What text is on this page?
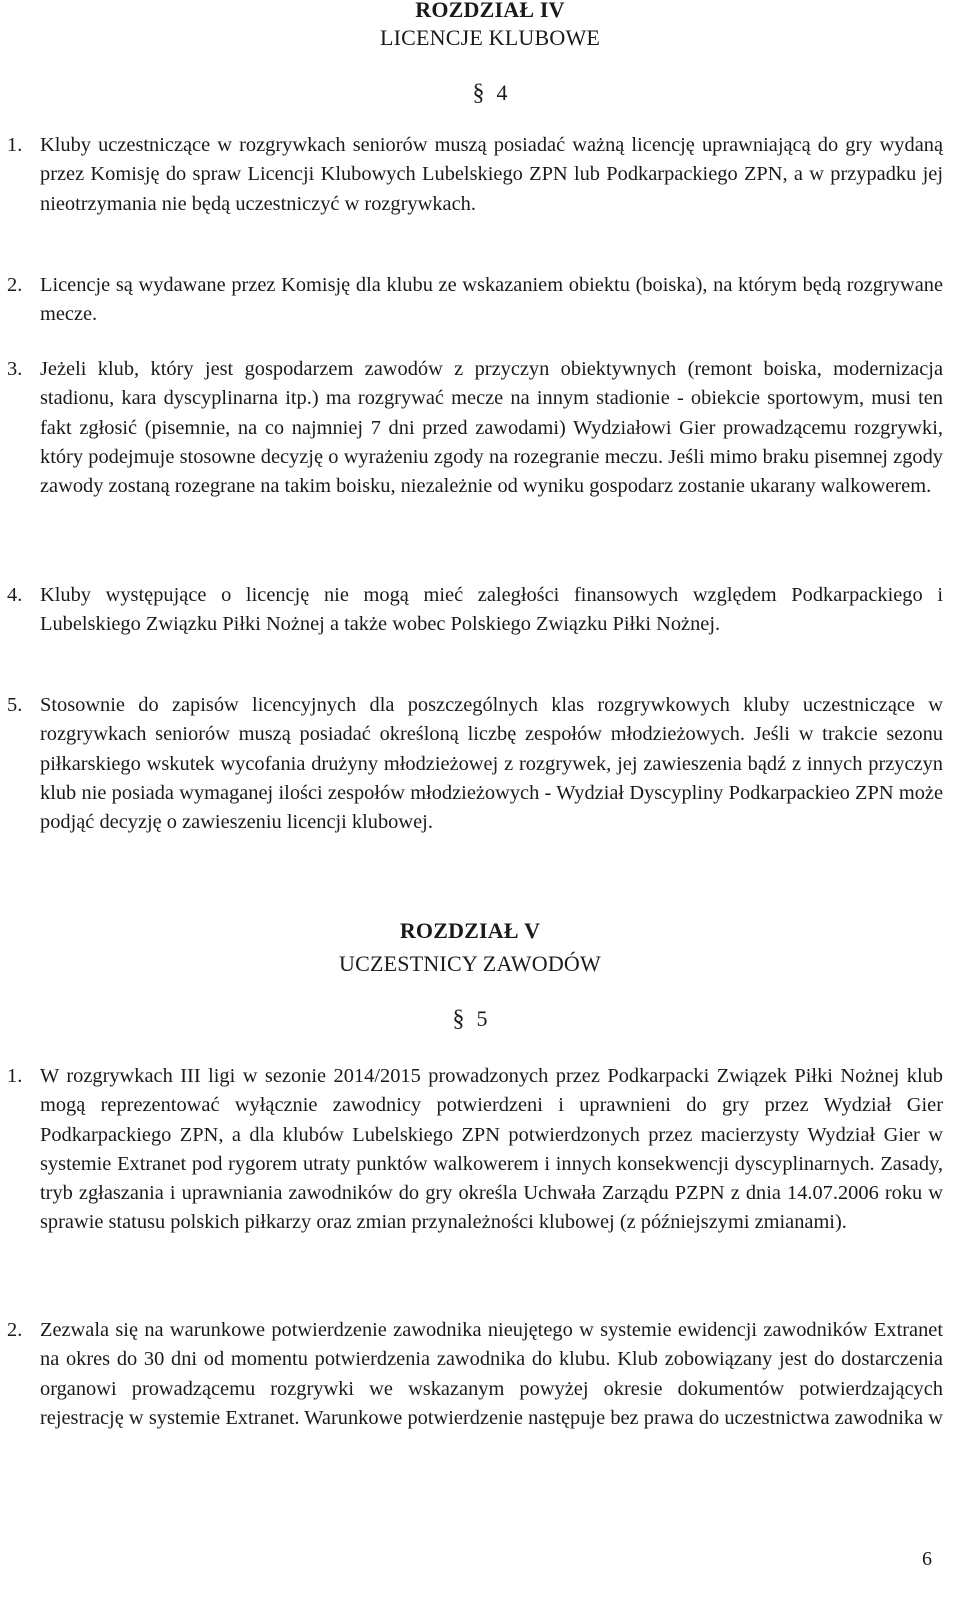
ROZDZIAŁ IV
LICENCJE KLUBOWE
§ 4
1. Kluby uczestniczące w rozgrywkach seniorów muszą posiadać ważną licencję uprawniającą do gry wydaną przez Komisję do spraw Licencji Klubowych Lubelskiego ZPN lub Podkarpackiego ZPN, a w przypadku jej nieotrzymania nie będą uczestniczyć w rozgrywkach.
2. Licencje są wydawane przez Komisję dla klubu ze wskazaniem obiektu (boiska), na którym będą rozgrywane mecze.
3. Jeżeli klub, który jest gospodarzem zawodów z przyczyn obiektywnych (remont boiska, modernizacja stadionu, kara dyscyplinarna itp.) ma rozgrywać mecze na innym stadionie - obiekcie sportowym, musi ten fakt zgłosić (pisemnie, na co najmniej 7 dni przed zawodami) Wydziałowi Gier prowadzącemu rozgrywki, który podejmuje stosowne decyzję o wyrażeniu zgody na rozegranie meczu. Jeśli mimo braku pisemnej zgody zawody zostaną rozegrane na takim boisku, niezależnie od wyniku gospodarz zostanie ukarany walkowerem.
4. Kluby występujące o licencję nie mogą mieć zaległości finansowych względem Podkarpackiego i Lubelskiego Związku Piłki Nożnej a także wobec Polskiego Związku Piłki Nożnej.
5. Stosownie do zapisów licencyjnych dla poszczególnych klas rozgrywkowych kluby uczestniczące w rozgrywkach seniorów muszą posiadać określoną liczbę zespołów młodzieżowych. Jeśli w trakcie sezonu piłkarskiego wskutek wycofania drużyny młodzieżowej z rozgrywek, jej zawieszenia bądź z innych przyczyn klub nie posiada wymaganej ilości zespołów młodzieżowych - Wydział Dyscypliny Podkarpackieo ZPN może podjąć decyzję o zawieszeniu licencji klubowej.
ROZDZIAŁ V
UCZESTNICY ZAWODÓW
§ 5
1. W rozgrywkach III ligi w sezonie 2014/2015 prowadzonych przez Podkarpacki Związek Piłki Nożnej klub mogą reprezentować wyłącznie zawodnicy potwierdzeni i uprawnieni do gry przez Wydział Gier Podkarpackiego ZPN, a dla klubów Lubelskiego ZPN potwierdzonych przez macierzysty Wydział Gier w systemie Extranet pod rygorem utraty punktów walkowerem i innych konsekwencji dyscyplinarnych. Zasady, tryb zgłaszania i uprawniania zawodników do gry określa Uchwała Zarządu PZPN z dnia 14.07.2006 roku w sprawie statusu polskich piłkarzy oraz zmian przynależności klubowej (z późniejszymi zmianami).
2. Zezwala się na warunkowe potwierdzenie zawodnika nieujętego w systemie ewidencji zawodników Extranet na okres do 30 dni od momentu potwierdzenia zawodnika do klubu. Klub zobowiązany jest do dostarczenia organowi prowadzącemu rozgrywki we wskazanym powyżej okresie dokumentów potwierdzających rejestrację w systemie Extranet. Warunkowe potwierdzenie następuje bez prawa do uczestnictwa zawodnika w
6
